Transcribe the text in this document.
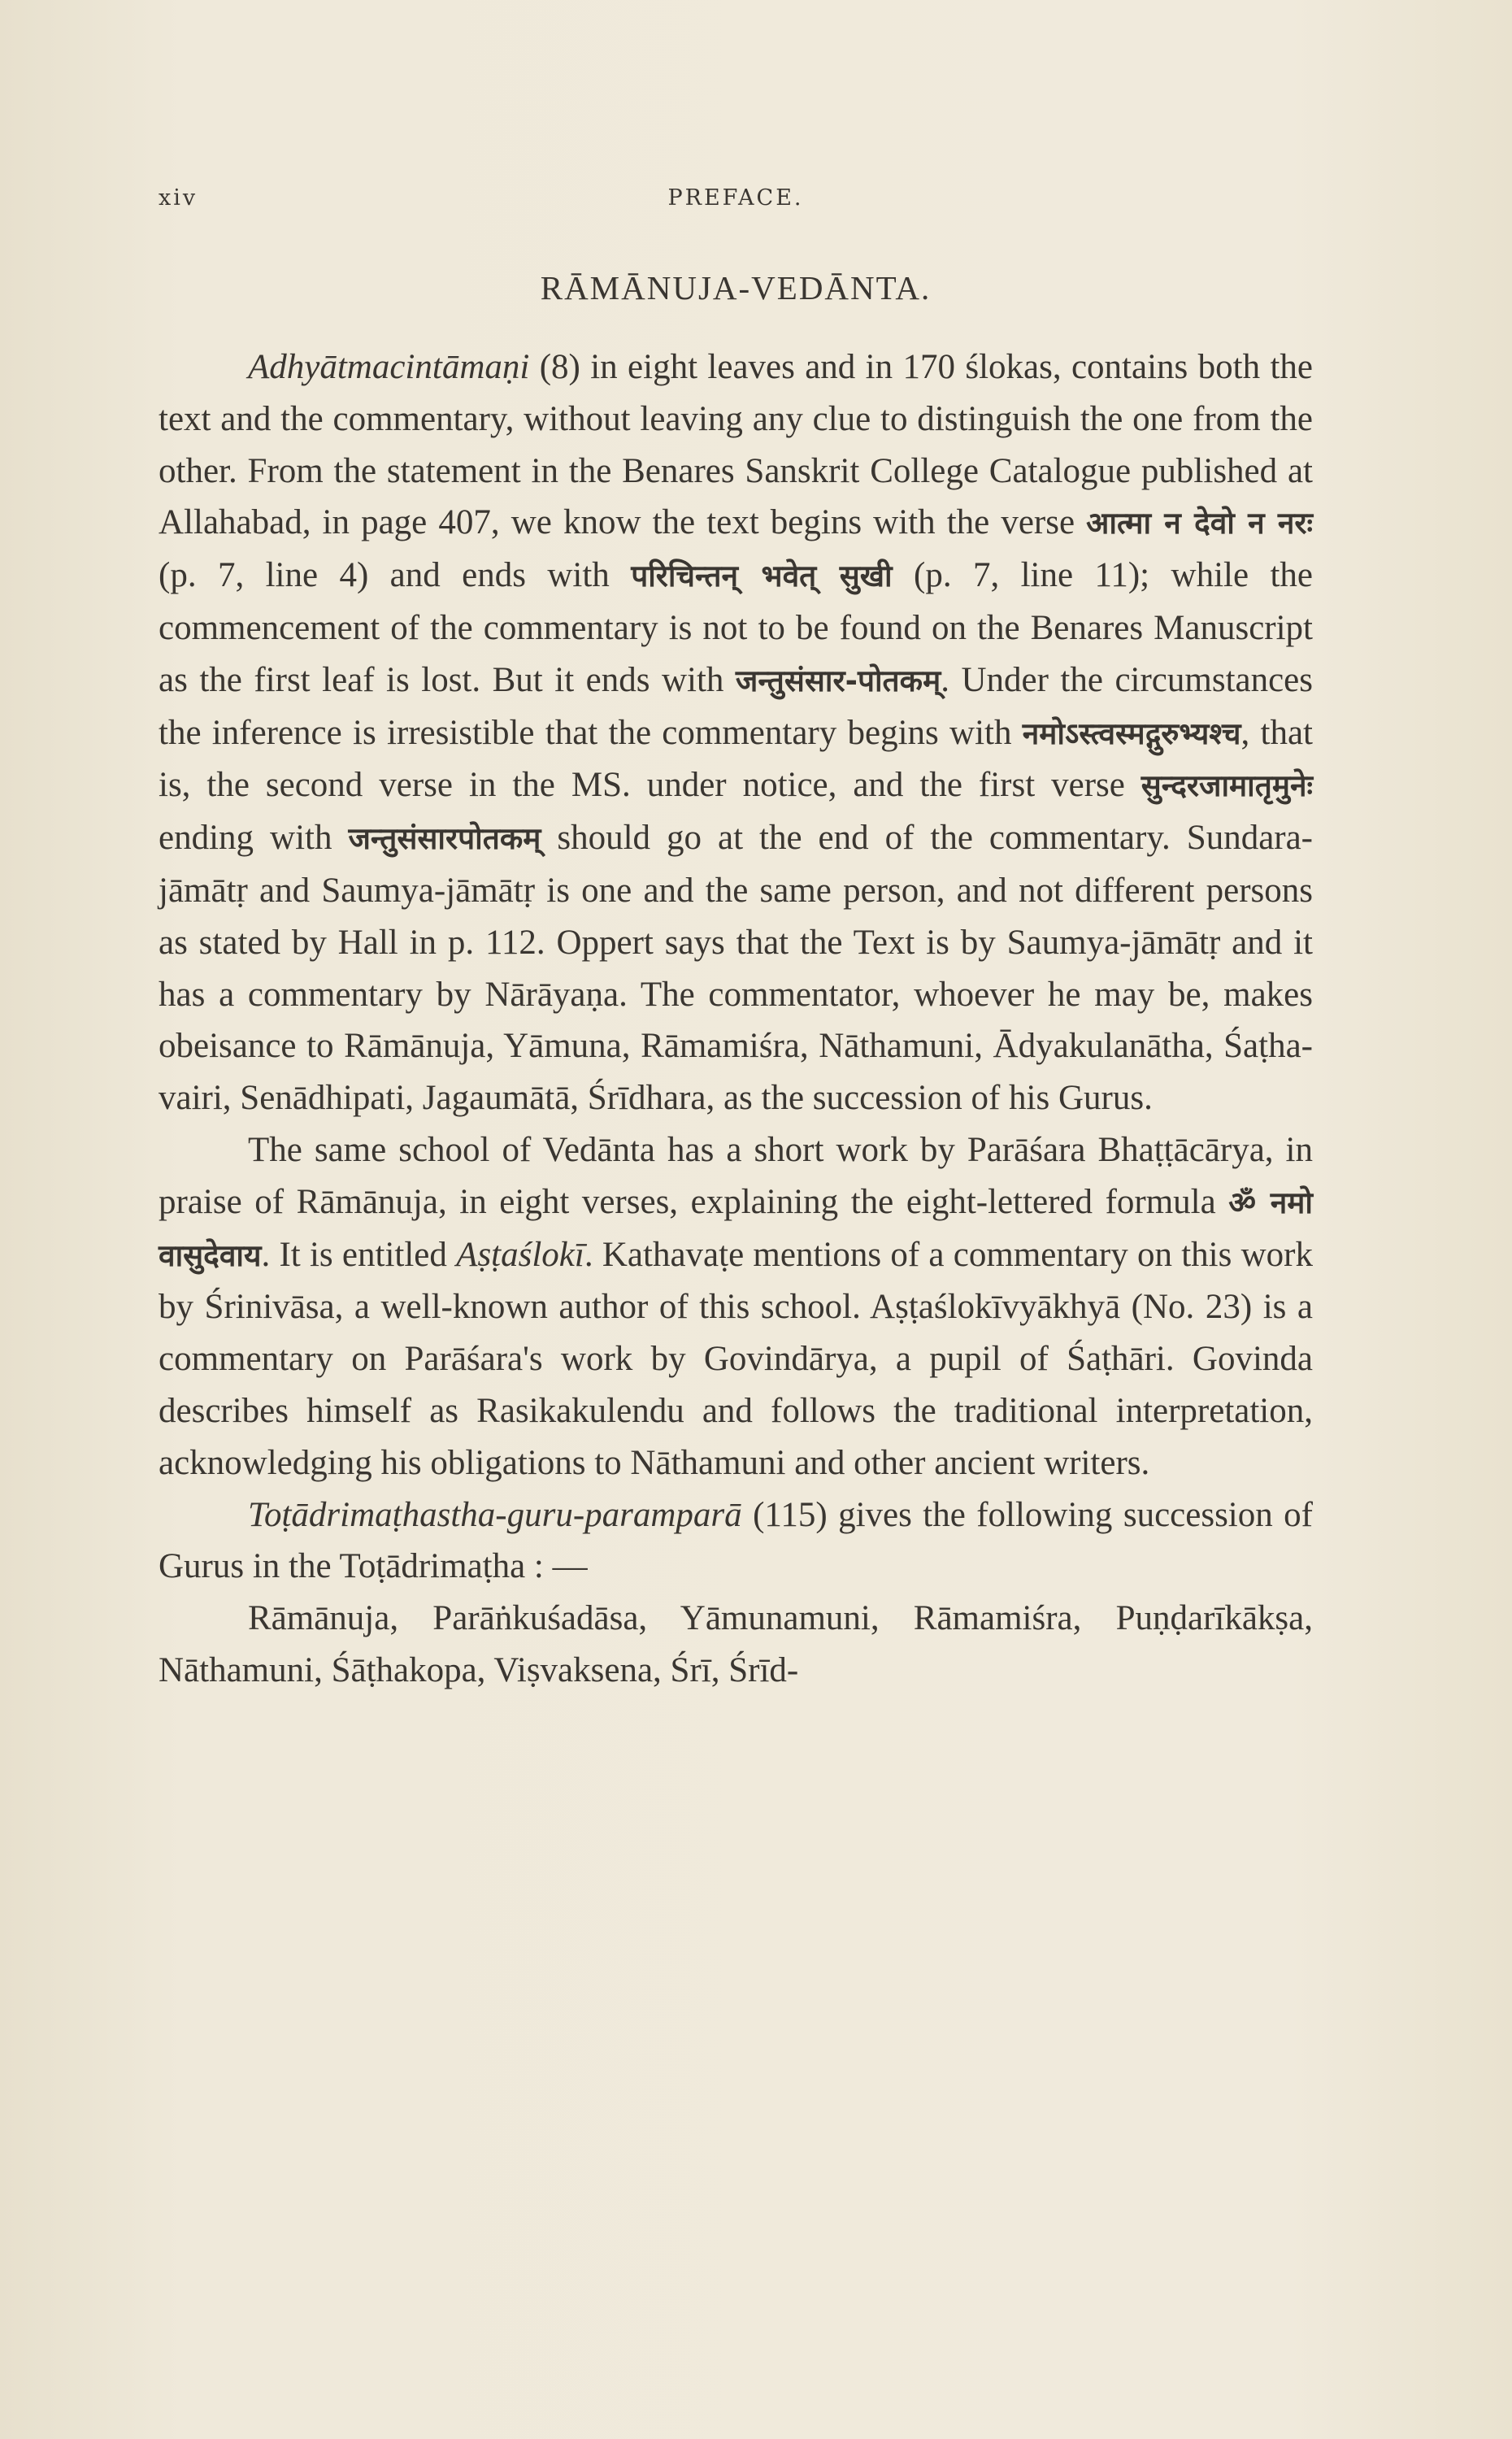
xiv	PREFACE.
RĀMĀNUJA-VEDĀNTA.

Adhyātmacintāmaṇi (8) in eight leaves and in 170 ślokas, contains both the text and the commentary, without leaving any clue to distinguish the one from the other. From the statement in the Benares Sanskrit College Catalogue published at Allahabad, in page 407, we know the text begins with the verse आत्मा न देवो न नरः (p. 7, line 4) and ends with परिचिन्तन् भवेत् सुखी (p. 7, line 11); while the commencement of the commentary is not to be found on the Benares Manuscript as the first leaf is lost. But it ends with जन्तुसंसार-पोतकम्. Under the circumstances the inference is irresistible that the commentary begins with नमोऽस्त्वस्मद्गुरुभ्यश्च, that is, the second verse in the MS. under notice, and the first verse सुन्दरजामातृमुनेः ending with जन्तुसंसारपोतकम् should go at the end of the commentary. Sundara-jāmātṛ and Saumya-jāmātṛ is one and the same person, and not different persons as stated by Hall in p. 112. Oppert says that the Text is by Saumya-jāmātṛ and it has a commentary by Nārāyaṇa. The commentator, whoever he may be, makes obeisance to Rāmānuja, Yāmuna, Rāmamiśra, Nāthamuni, Ādyakulanātha, Śaṭha-vairi, Senādhipati, Jagaumātā, Śrīdhara, as the succession of his Gurus.

The same school of Vedānta has a short work by Parāśara Bhaṭṭācārya, in praise of Rāmānuja, in eight verses, explaining the eight-lettered formula ॐ नमो वासुदेवाय. It is entitled Aṣṭaślokī. Kathavaṭe mentions of a commentary on this work by Śrinivāsa, a well-known author of this school. Aṣṭaślokīvyākhyā (No. 23) is a commentary on Parāśara's work by Govindārya, a pupil of Śaṭhāri. Govinda describes himself as Rasikakulendu and follows the traditional interpretation, acknowledging his obligations to Nāthamuni and other ancient writers.

Toṭādrimaṭhastha-guru-paramparā (115) gives the following succession of Gurus in the Toṭādrimaṭha : —

Rāmānuja, Parāṅkuśadāsa, Yāmunamuni, Rāmamiśra, Puṇḍarīkākṣa, Nāthamuni, Śāṭhakopa, Viṣvaksena, Śrī, Śrīd-
